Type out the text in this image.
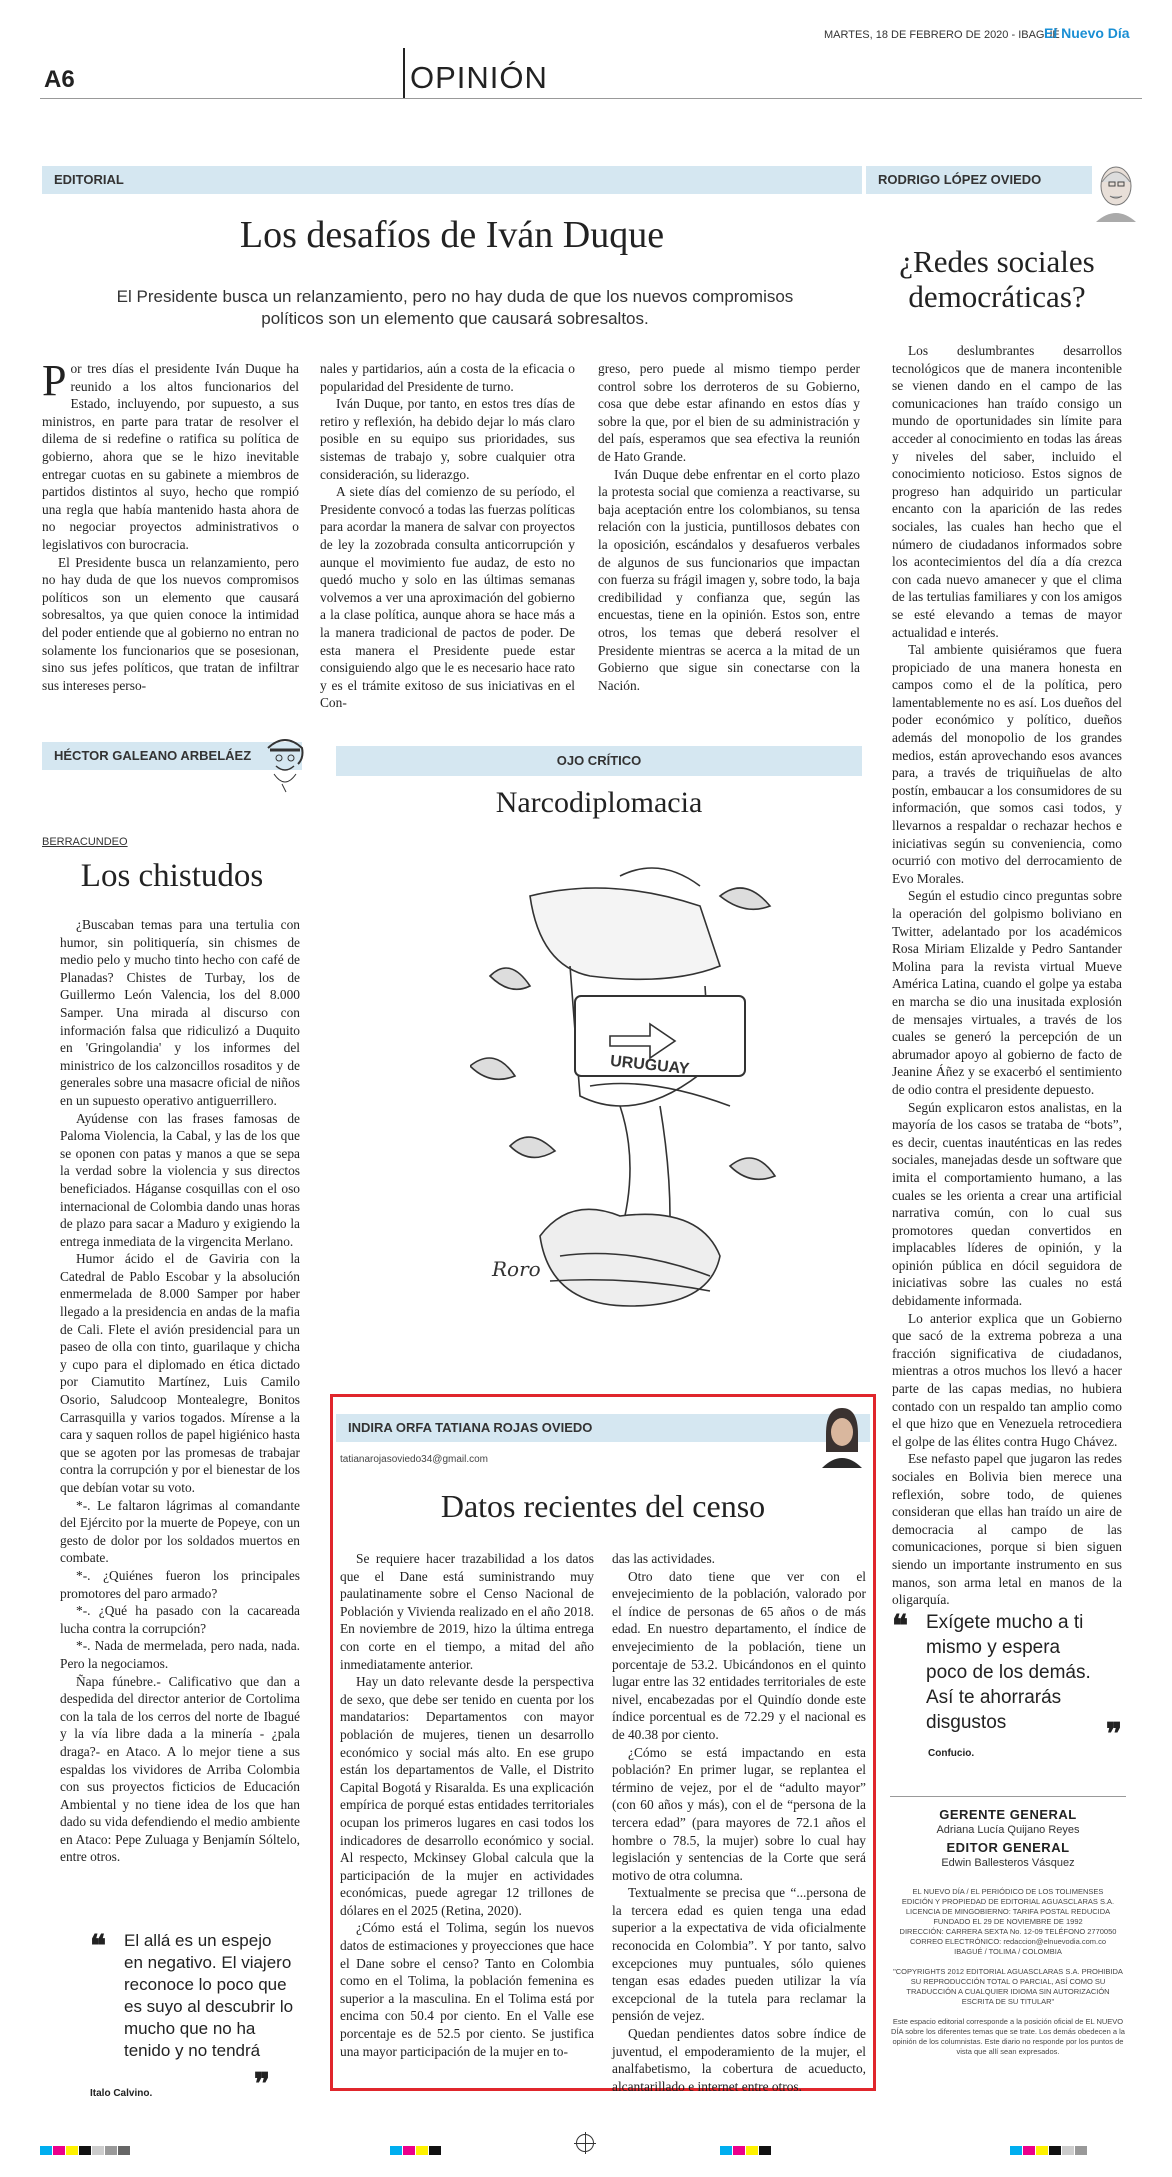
MARTES, 18 DE FEBRERO DE 2020 - IBAGUÉ
El Nuevo Día
A6	OPINIÓN
EDITORIAL
Los desafíos de Iván Duque
El Presidente busca un relanzamiento, pero no hay duda de que los nuevos compromisos políticos son un elemento que causará sobresaltos.

Por tres días el presidente Iván Duque ha reunido a los altos funcionarios del Estado, incluyendo, por supuesto, a sus ministros, en parte para tratar de resolver el dilema de si redefine o ratifica su política de gobierno, ahora que se le hizo inevitable entregar cuotas en su gabinete a miembros de partidos distintos al suyo, hecho que rompió una regla que había mantenido hasta ahora de no negociar proyectos administrativos o legislativos con burocracia.

El Presidente busca un relanzamiento, pero no hay duda de que los nuevos compromisos políticos son un elemento que causará sobresaltos, ya que quien conoce la intimidad del poder entiende que al gobierno no entran no solamente los funcionarios que se posesionan, sino sus jefes políticos, que tratan de infiltrar sus intereses perso-

nales y partidarios, aún a costa de la eficacia o popularidad del Presidente de turno.

Iván Duque, por tanto, en estos tres días de retiro y reflexión, ha debido dejar lo más claro posible en su equipo sus prioridades, sus sistemas de trabajo y, sobre cualquier otra consideración, su liderazgo.

A siete días del comienzo de su período, el Presidente convocó a todas las fuerzas políticas para acordar la manera de salvar con proyectos de ley la zozobrada consulta anticorrupción y aunque el movimiento fue audaz, de esto no quedó mucho y solo en las últimas semanas volvemos a ver una aproximación del gobierno a la clase política, aunque ahora se hace más a la manera tradicional de pactos de poder. De esta manera el Presidente puede estar consiguiendo algo que le es necesario hace rato y es el trámite exitoso de sus iniciativas en el Con-

greso, pero puede al mismo tiempo perder control sobre los derroteros de su Gobierno, cosa que debe estar afinando en estos días y sobre la que, por el bien de su administración y del país, esperamos que sea efectiva la reunión de Hato Grande.

Iván Duque debe enfrentar en el corto plazo la protesta social que comienza a reactivarse, su baja aceptación entre los colombianos, su tensa relación con la justicia, puntillosos debates con la oposición, escándalos y desafueros verbales de algunos de sus funcionarios que impactan con fuerza su frágil imagen y, sobre todo, la baja credibilidad y confianza que, según las encuestas, tiene en la opinión. Estos son, entre otros, los temas que deberá resolver el Presidente mientras se acerca a la mitad de un Gobierno que sigue sin conectarse con la Nación.

RODRIGO LÓPEZ OVIEDO
¿Redes sociales democráticas?

Los deslumbrantes desarrollos tecnológicos que de manera incontenible se vienen dando en el campo de las comunicaciones han traído consigo un mundo de oportunidades sin límite para acceder al conocimiento en todas las áreas y niveles del saber, incluido el conocimiento noticioso. Estos signos de progreso han adquirido un particular encanto con la aparición de las redes sociales, las cuales han hecho que el número de ciudadanos informados sobre los acontecimientos del día a día crezca con cada nuevo amanecer y que el clima de las tertulias familiares y con los amigos se esté elevando a temas de mayor actualidad e interés.

Tal ambiente quisiéramos que fuera propiciado de una manera honesta en campos como el de la política, pero lamentablemente no es así. Los dueños del poder económico y político, dueños además del monopolio de los grandes medios, están aprovechando esos avances para, a través de triquiñuelas de alto postín, embaucar a los consumidores de su información, que somos casi todos, y llevarnos a respaldar o rechazar hechos e iniciativas según su conveniencia, como ocurrió con motivo del derrocamiento de Evo Morales.

Según el estudio cinco preguntas sobre la operación del golpismo boliviano en Twitter, adelantado por los académicos Rosa Miriam Elizalde y Pedro Santander Molina para la revista virtual Mueve América Latina, cuando el golpe ya estaba en marcha se dio una inusitada explosión de mensajes virtuales, a través de los cuales se generó la percepción de un abrumador apoyo al gobierno de facto de Jeanine Áñez y se exacerbó el sentimiento de odio contra el presidente depuesto.

Según explicaron estos analistas, en la mayoría de los casos se trataba de “bots”, es decir, cuentas inauténticas en las redes sociales, manejadas desde un software que imita el comportamiento humano, a las cuales se les orienta a crear una artificial narrativa común, con lo cual sus promotores quedan convertidos en implacables líderes de opinión, y la opinión pública en dócil seguidora de iniciativas sobre las cuales no está debidamente informada.

Lo anterior explica que un Gobierno que sacó de la extrema pobreza a una fracción significativa de ciudadanos, mientras a otros muchos los llevó a hacer parte de las capas medias, no hubiera contado con un respaldo tan amplio como el que hizo que en Venezuela retrocediera el golpe de las élites contra Hugo Chávez.

Ese nefasto papel que jugaron las redes sociales en Bolivia bien merece una reflexión, sobre todo, de quienes consideran que ellas han traído un aire de democracia al campo de las comunicaciones, porque si bien siguen siendo un importante instrumento en sus manos, son arma letal en manos de la oligarquía.

❝ Exígete mucho a ti mismo y espera poco de los demás. Así te ahorrarás disgustos	❞
Confucio.
GERENTE GENERAL
Adriana Lucía Quijano Reyes
EDITOR GENERAL
Edwin Ballesteros Vásquez
EL NUEVO DÍA / EL PERIÓDICO DE LOS TOLIMENSES
EDICIÓN Y PROPIEDAD DE EDITORIAL AGUASCLARAS S.A.
LICENCIA DE MINGOBIERNO: TARIFA POSTAL REDUCIDA
FUNDADO EL 29 DE NOVIEMBRE DE 1992
DIRECCIÓN: CARRERA SEXTA No. 12-09 TELÉFONO 2770050
CORREO ELECTRÓNICO: redaccion@elnuevodia.com.co
IBAGUÉ / TOLIMA / COLOMBIA
"COPYRIGHTS 2012 EDITORIAL AGUASCLARAS S.A. PROHIBIDA SU REPRODUCCIÓN TOTAL O PARCIAL, ASÍ COMO SU TRADUCCIÓN A CUALQUIER IDIOMA SIN AUTORIZACIÓN ESCRITA DE SU TITULAR"
Este espacio editorial corresponde a la posición oficial de EL NUEVO DÍA sobre los diferentes temas que se trate. Los demás obedecen a la opinión de los columnistas. Este diario no responde por los puntos de vista que allí sean expresados.
HÉCTOR GALEANO ARBELÁEZ
BERRACUNDEO
Los chistudos

¿Buscaban temas para una tertulia con humor, sin politiquería, sin chismes de medio pelo y mucho tinto hecho con café de Planadas? Chistes de Turbay, los de Guillermo León Valencia, los del 8.000 Samper. Una mirada al discurso con información falsa que ridiculizó a Duquito en 'Gringolandia' y los informes del ministrico de los calzoncillos rosaditos y de generales sobre una masacre oficial de niños en un supuesto operativo antiguerrillero.

Ayúdense con las frases famosas de Paloma Violencia, la Cabal, y las de los que se oponen con patas y manos a que se sepa la verdad sobre la violencia y sus directos beneficiados. Háganse cosquillas con el oso internacional de Colombia dando unas horas de plazo para sacar a Maduro y exigiendo la entrega inmediata de la virgencita Merlano.

Humor ácido el de Gaviria con la Catedral de Pablo Escobar y la absolución enmermelada de 8.000 Samper por haber llegado a la presidencia en andas de la mafia de Cali. Flete el avión presidencial para un paseo de olla con tinto, guarilaque y chicha y cupo para el diplomado en ética dictado por Ciamutito Martínez, Luis Camilo Osorio, Saludcoop Montealegre, Bonitos Carrasquilla y varios togados. Mírense a la cara y saquen rollos de papel higiénico hasta que se agoten por las promesas de trabajar contra la corrupción y por el bienestar de los que debían votar su voto.

*-. Le faltaron lágrimas al comandante del Ejército por la muerte de Popeye, con un gesto de dolor por los soldados muertos en combate.

*-. ¿Quiénes fueron los principales promotores del paro armado?

*-. ¿Qué ha pasado con la cacareada lucha contra la corrupción?

*-. Nada de mermelada, pero nada, nada. Pero la negociamos.

Ñapa fúnebre.- Calificativo que dan a despedida del director anterior de Cortolima con la tala de los cerros del norte de Ibagué y la vía libre dada a la minería - ¿pala draga?- en Ataco. A lo mejor tiene a sus espaldas los vividores de Arriba Colombia con sus proyectos ficticios de Educación Ambiental y no tiene idea de los que han dado su vida defendiendo el medio ambiente en Ataco: Pepe Zuluaga y Benjamín Sóltelo, entre otros.

❝ El allá es un espejo en negativo. El viajero reconoce lo poco que es suyo al descubrir lo mucho que no ha tenido y no tendrá
❞
Italo Calvino.
OJO CRÍTICO
Narcodiplomacia
URUGUAY
Roro
INDIRA ORFA TATIANA ROJAS OVIEDO
tatianarojasoviedo34@gmail.com
Datos recientes del censo

Se requiere hacer trazabilidad a los datos que el Dane está suministrando muy paulatinamente sobre el Censo Nacional de Población y Vivienda realizado en el año 2018. En noviembre de 2019, hizo la última entrega con corte en el tiempo, a mitad del año inmediatamente anterior.

Hay un dato relevante desde la perspectiva de sexo, que debe ser tenido en cuenta por los mandatarios: Departamentos con mayor población de mujeres, tienen un desarrollo económico y social más alto. En ese grupo están los departamentos de Valle, el Distrito Capital Bogotá y Risaralda. Es una explicación empírica de porqué estas entidades territoriales ocupan los primeros lugares en casi todos los indicadores de desarrollo económico y social. Al respecto, Mckinsey Global calcula que la participación de la mujer en actividades económicas, puede agregar 12 trillones de dólares en el 2025 (Retina, 2020).

¿Cómo está el Tolima, según los nuevos datos de estimaciones y proyecciones que hace el Dane sobre el censo? Tanto en Colombia como en el Tolima, la población femenina es superior a la masculina. En el Tolima está por encima con 50.4 por ciento. En el Valle ese porcentaje es de 52.5 por ciento. Se justifica una mayor participación de la mujer en to-

das las actividades.

Otro dato tiene que ver con el envejecimiento de la población, valorado por el índice de personas de 65 años o de más edad. En nuestro departamento, el índice de envejecimiento de la población, tiene un porcentaje de 53.2. Ubicándonos en el quinto lugar entre las 32 entidades territoriales de este nivel, encabezadas por el Quindío donde este índice porcentual es de 72.29 y el nacional es de 40.38 por ciento.

¿Cómo se está impactando en esta población? En primer lugar, se replantea el término de vejez, por el de “adulto mayor” (con 60 años y más), con el de “persona de la tercera edad” (para mayores de 72.1 años el hombre o 78.5, la mujer) sobre lo cual hay legislación y sentencias de la Corte que será motivo de otra columna.

Textualmente se precisa que “...persona de la tercera edad es quien tenga una edad superior a la expectativa de vida oficialmente reconocida en Colombia”. Y por tanto, salvo excepciones muy puntuales, sólo quienes tengan esas edades pueden utilizar la vía excepcional de la tutela para reclamar la pensión de vejez.

Quedan pendientes datos sobre índice de juventud, el empoderamiento de la mujer, el analfabetismo, la cobertura de acueducto, alcantarillado e internet entre otros.
